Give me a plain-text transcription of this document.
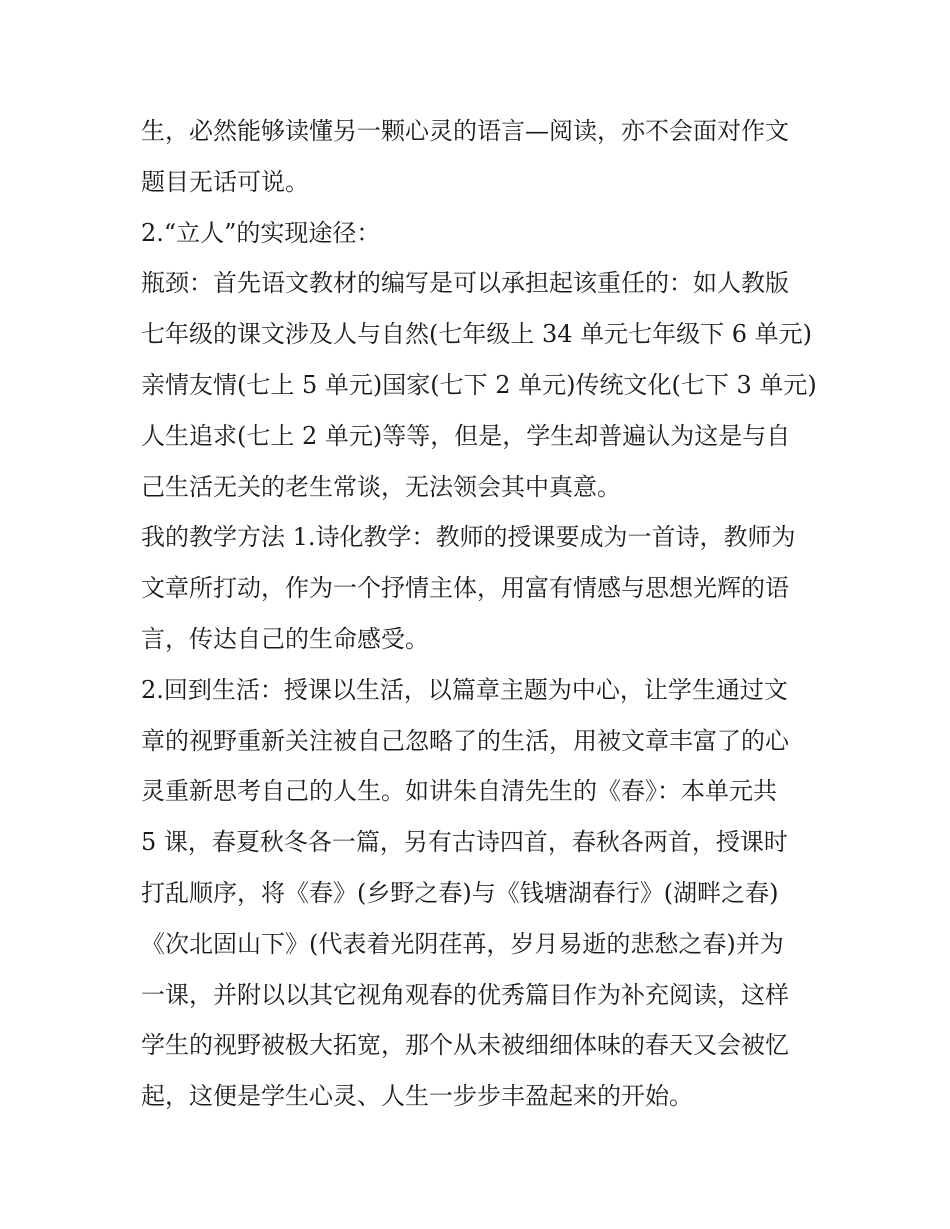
生，必然能够读懂另一颗心灵的语言—阅读，亦不会面对作文
题目无话可说。
2.“立人”的实现途径：
瓶颈：首先语文教材的编写是可以承担起该重任的：如人教版
七年级的课文涉及人与自然(七年级上 34 单元七年级下 6 单元)
亲情友情(七上 5 单元)国家(七下 2 单元)传统文化(七下 3 单元)
人生追求(七上 2 单元)等等，但是，学生却普遍认为这是与自
己生活无关的老生常谈，无法领会其中真意。
我的教学方法 1.诗化教学：教师的授课要成为一首诗，教师为
文章所打动，作为一个抒情主体，用富有情感与思想光辉的语
言，传达自己的生命感受。
2.回到生活：授课以生活，以篇章主题为中心，让学生通过文
章的视野重新关注被自己忽略了的生活，用被文章丰富了的心
灵重新思考自己的人生。如讲朱自清先生的《春》：本单元共
5 课，春夏秋冬各一篇，另有古诗四首，春秋各两首，授课时
打乱顺序，将《春》(乡野之春)与《钱塘湖春行》(湖畔之春)
《次北固山下》(代表着光阴荏苒，岁月易逝的悲愁之春)并为
一课，并附以以其它视角观春的优秀篇目作为补充阅读，这样
学生的视野被极大拓宽，那个从未被细细体味的春天又会被忆
起，这便是学生心灵、人生一步步丰盈起来的开始。
